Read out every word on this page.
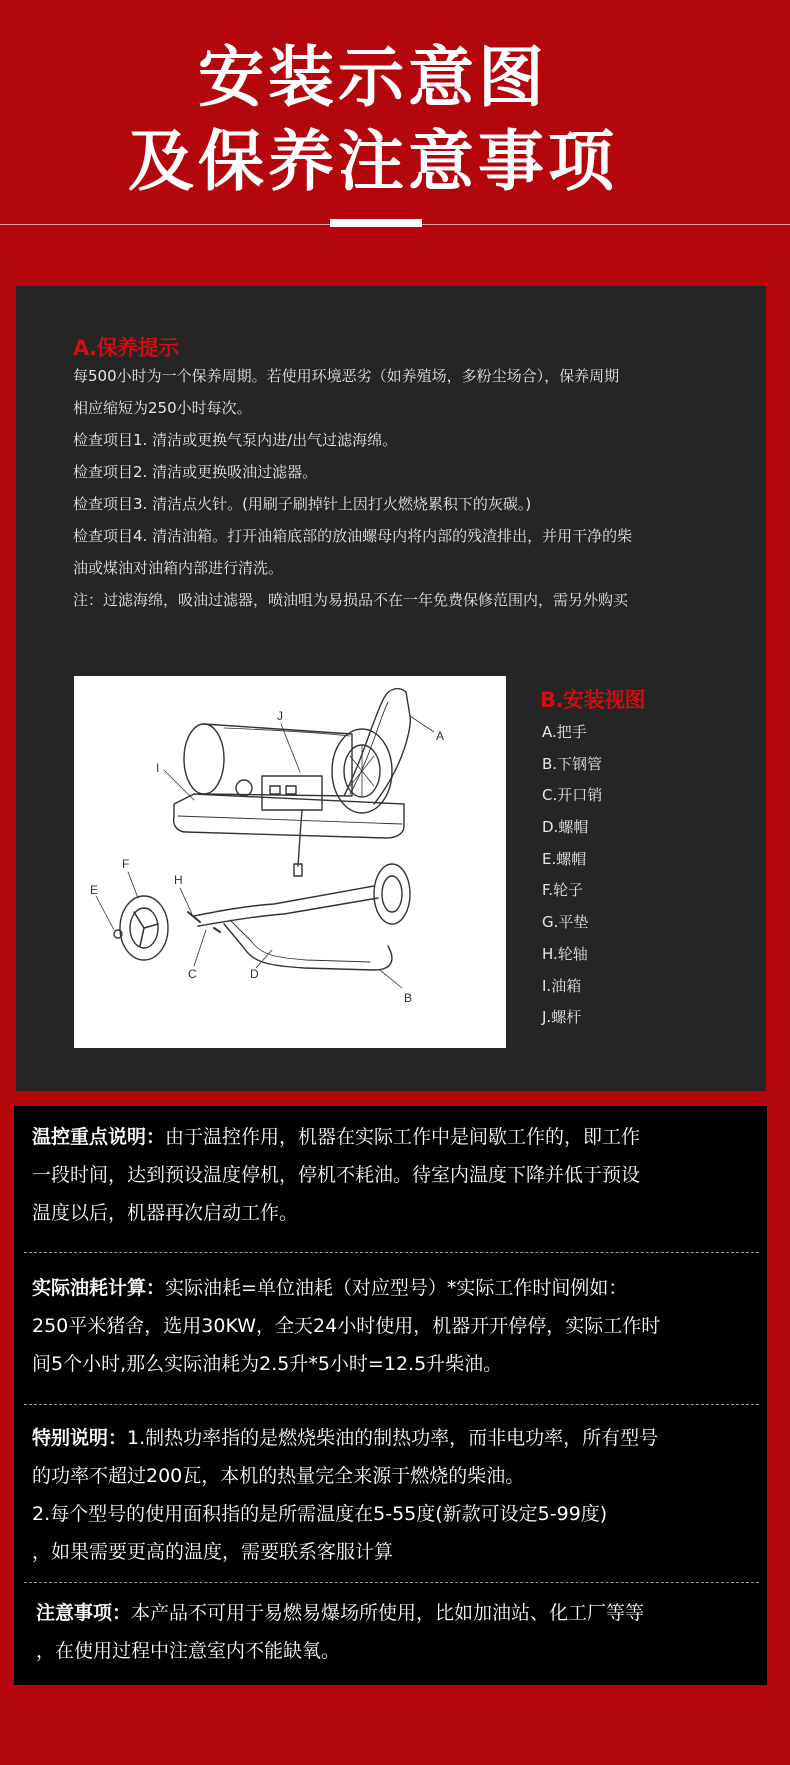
安装示意图
及保养注意事项
A.保养提示
每500小时为一个保养周期。若使用环境恶劣（如养殖场，多粉尘场合），保养周期
相应缩短为250小时每次。
检查项目1. 清洁或更换气泵内进/出气过滤海绵。
检查项目2. 清洁或更换吸油过滤器。
检查项目3. 清洁点火针。(用刷子刷掉针上因打火燃烧累积下的灰碳。)
检查项目4. 清洁油箱。打开油箱底部的放油螺母内将内部的残渣排出，并用干净的柴
油或煤油对油箱内部进行清洗。
注：过滤海绵，吸油过滤器，喷油咀为易损品不在一年免费保修范围内，需另外购买
J
A
I
F
H
E
C	D
B
B.安装视图
A.把手
B.下钢管
C.开口销
D.螺帽
E.螺帽
F.轮子
G.平垫
H.轮轴
I.油箱
J.螺杆
温控重点说明：由于温控作用，机器在实际工作中是间歇工作的，即工作
一段时间，达到预设温度停机，停机不耗油。待室内温度下降并低于预设
温度以后，机器再次启动工作。
实际油耗计算：实际油耗=单位油耗（对应型号）*实际工作时间例如：
250平米猪舍，选用30KW，全天24小时使用，机器开开停停，实际工作时
间5个小时,那么实际油耗为2.5升*5小时=12.5升柴油。
特别说明：1.制热功率指的是燃烧柴油的制热功率，而非电功率，所有型号
的功率不超过200瓦，本机的热量完全来源于燃烧的柴油。
2.每个型号的使用面积指的是所需温度在5-55度(新款可设定5-99度)
，如果需要更高的温度，需要联系客服计算
注意事项：本产品不可用于易燃易爆场所使用，比如加油站、化工厂等等
，在使用过程中注意室内不能缺氧。
